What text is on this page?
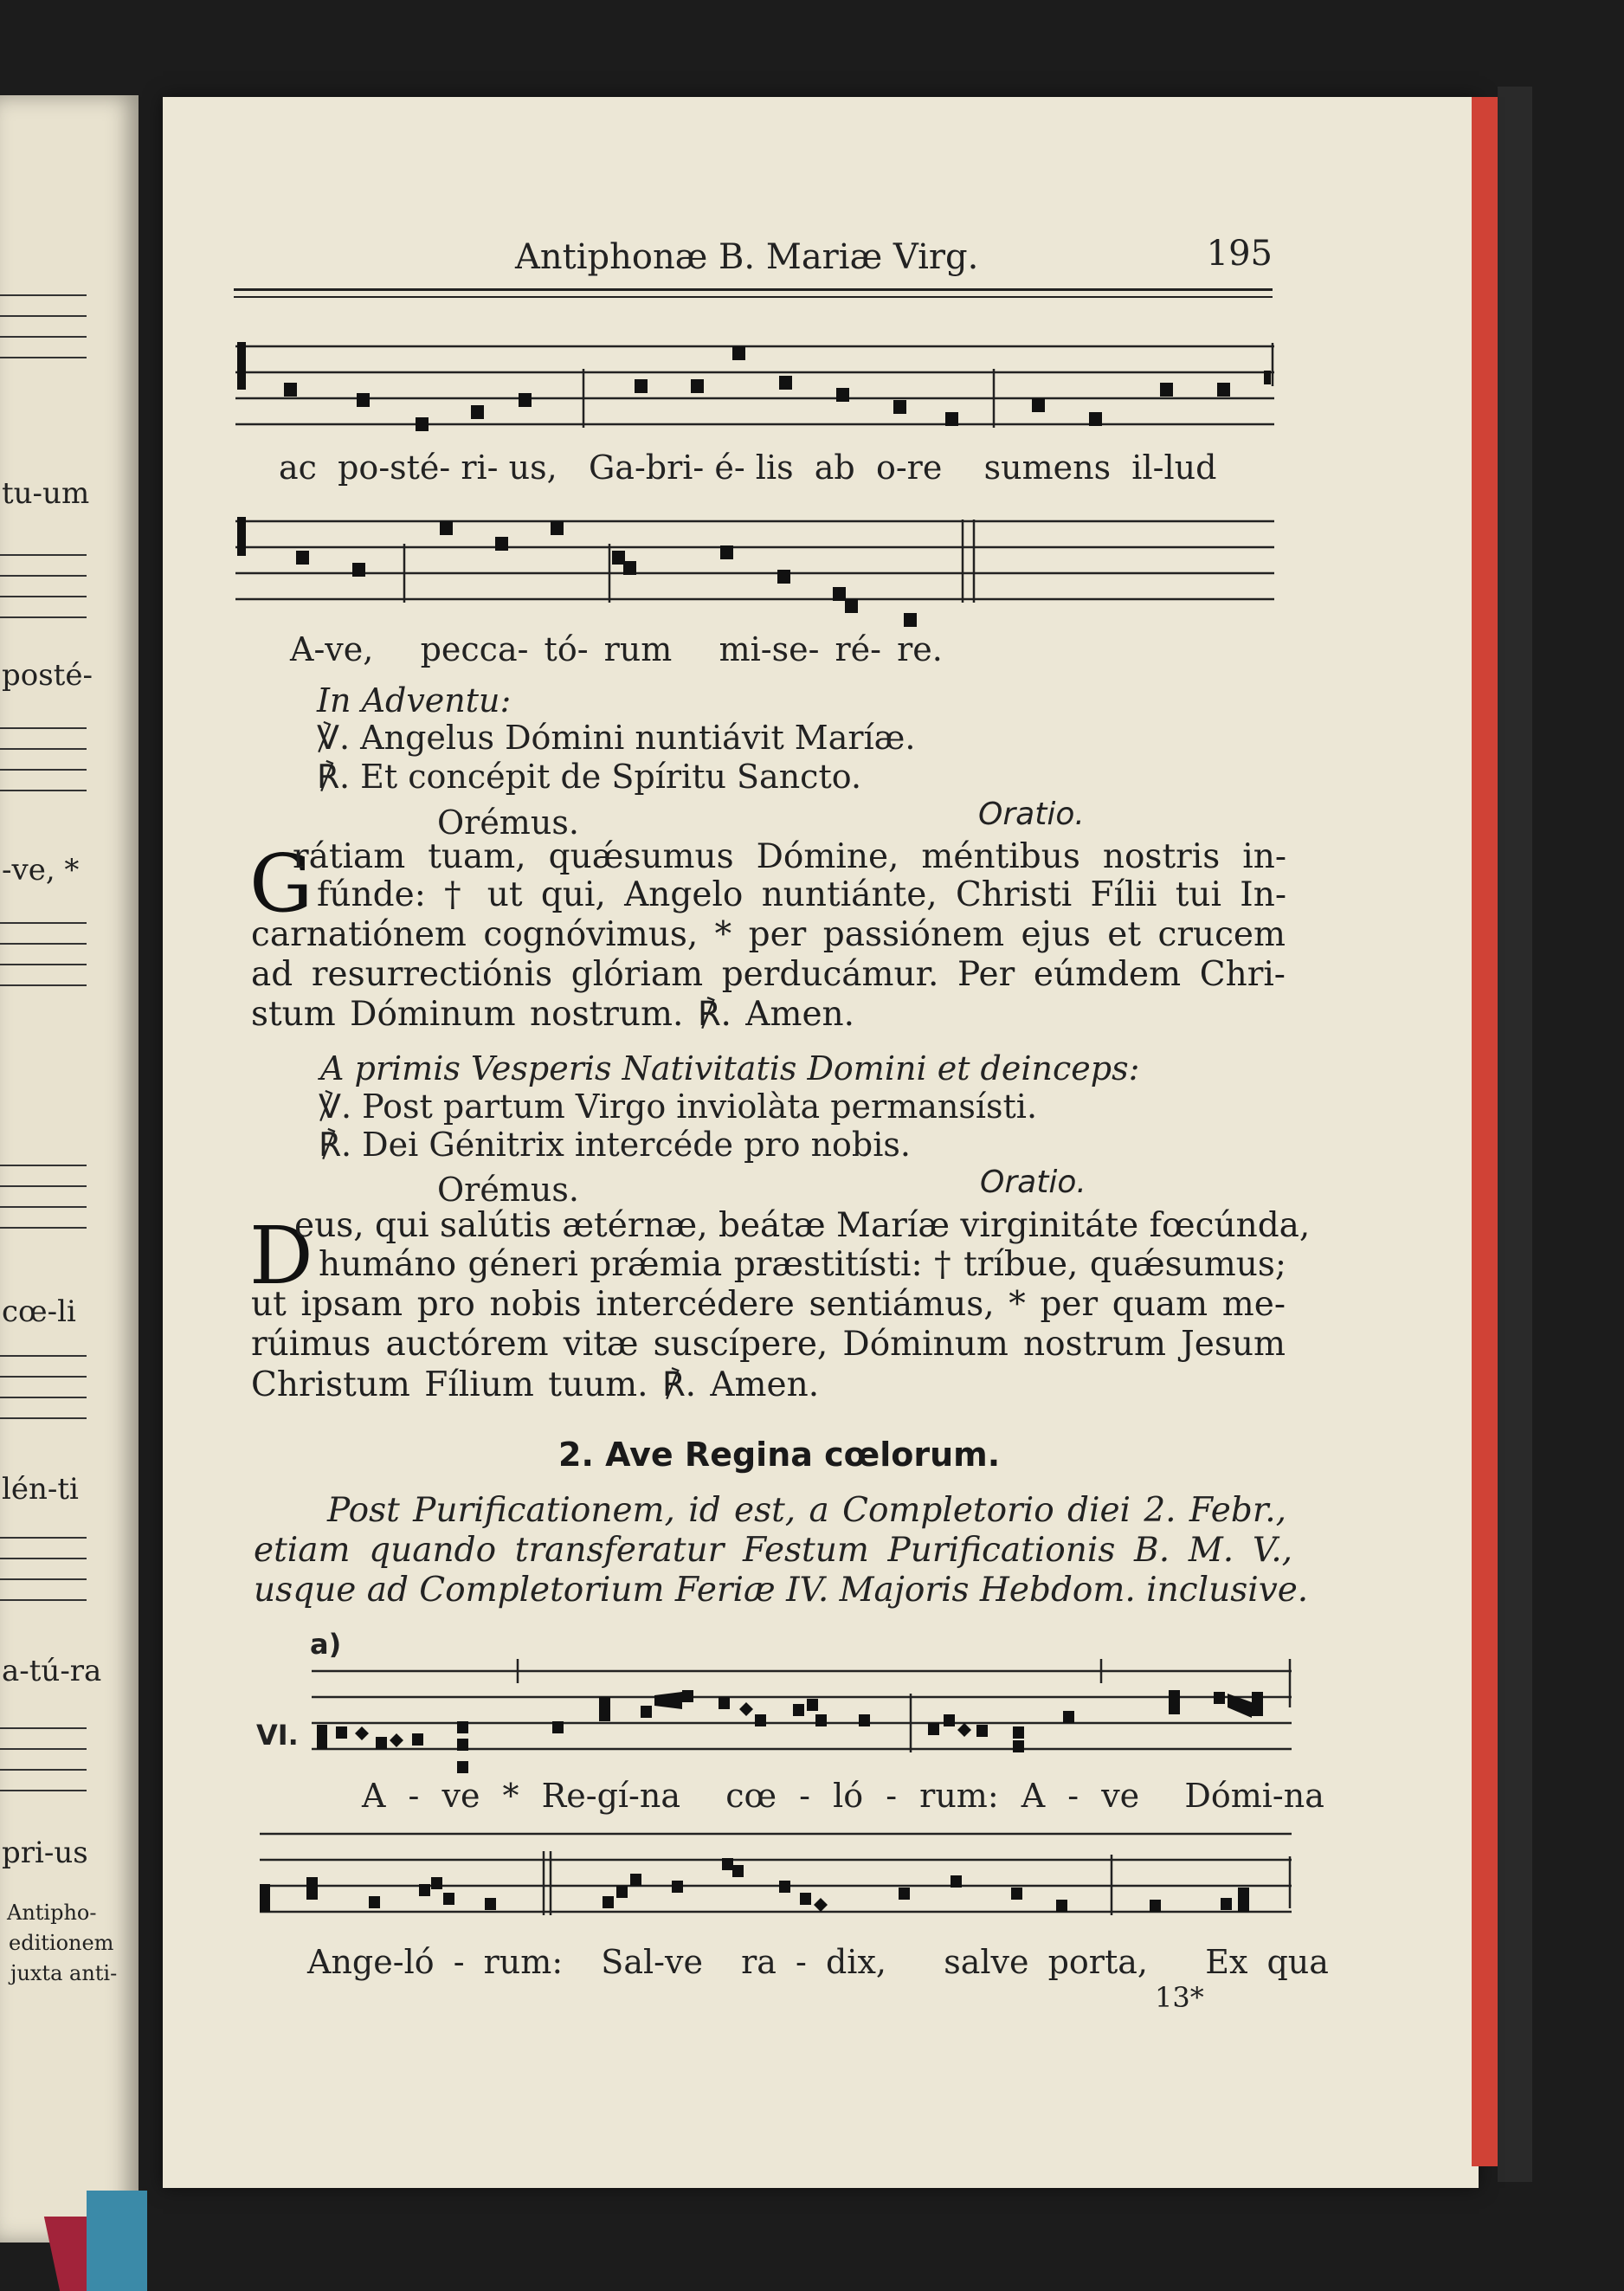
tu-um
posté-
-ve, *
cœ-li
lén-ti
a-tú-ra
pri-us
Antipho-
editionem
juxta anti-
Antiphonæ B. Mariæ Virg.	195
ac po-sté- ri- us, Ga-bri- é- lis ab o-re sumens il-lud
A-ve, pecca- tó- rum mi-se- ré- re.
In Adventu:
℣. Angelus Dómini nuntiávit Maríæ.
℟. Et concépit de Spíritu Sancto.
Orémus.	Oratio.
G
rátiam tuam, quǽsumus Dómine, méntibus nostris in-
fúnde: † ut qui, Angelo nuntiánte, Christi Fílii tui In-
carnatiónem cognóvimus, * per passiónem ejus et crucem
ad resurrectiónis glóriam perducámur. Per eúmdem Chri-
stum Dóminum nostrum. ℟. Amen.
A primis Vesperis Nativitatis Domini et deinceps:
℣. Post partum Virgo inviolàta permansísti.
℟. Dei Génitrix intercéde pro nobis.
Orémus.	Oratio.
D
eus, qui salútis ætérnæ, beátæ Maríæ virginitáte fœcúnda,
humáno géneri prǽmia præstitísti: † tríbue, quǽsumus;
ut ipsam pro nobis intercédere sentiámus, * per quam me-
rúimus auctórem vitæ suscípere, Dóminum nostrum Jesum
Christum Fílium tuum. ℟. Amen.
2. Ave Regina cœlorum.
Post Purificationem, id est, a Completorio diei 2. Febr.,
etiam quando transferatur Festum Purificationis B. M. V.,
usque ad Completorium Feriæ IV. Majoris Hebdom. inclusive.
a)
VI.
A - ve * Re-gí-na cœ - ló - rum: A - ve Dómi-na
Ange-ló - rum: Sal-ve ra - dix, salve porta, Ex qua
13*
